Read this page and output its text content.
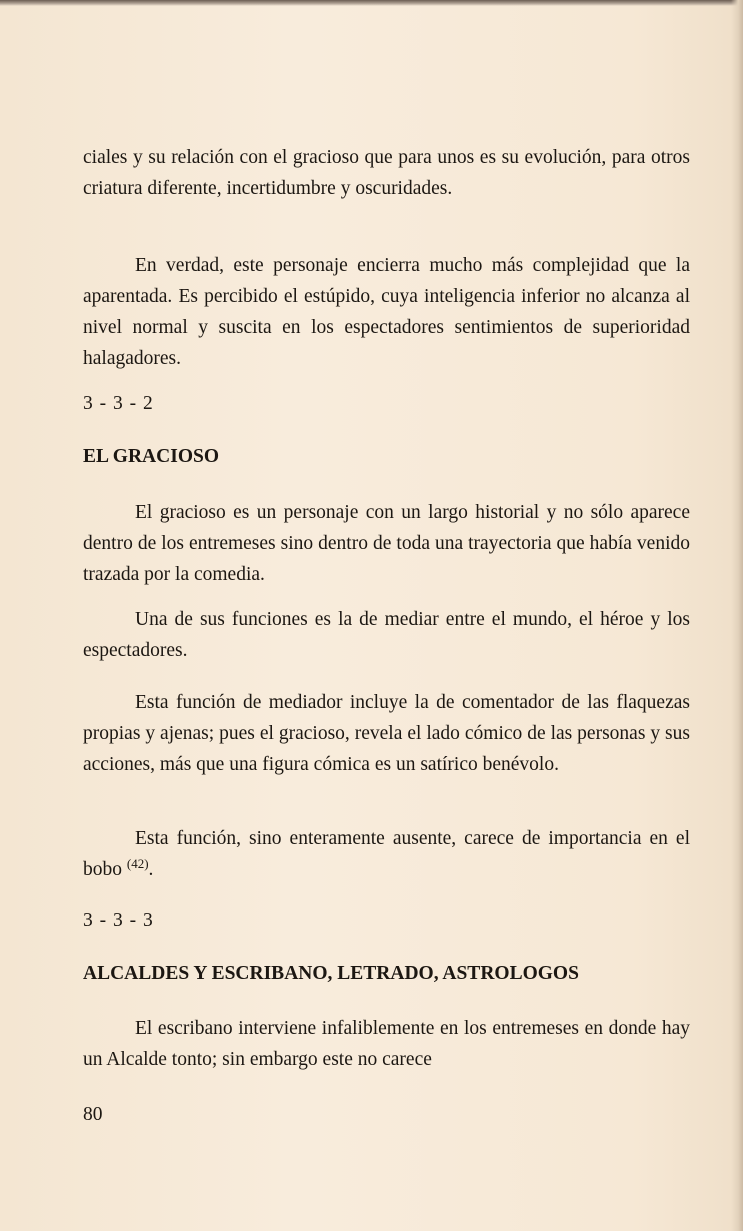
ciales y su relación con el gracioso que para unos es su evolución, para otros criatura diferente, incertidumbre y oscuridades.

En verdad, este personaje encierra mucho más complejidad que la aparentada. Es percibido el estúpido, cuya inteligencia inferior no alcanza al nivel normal y suscita en los espectadores sentimientos de superioridad halagadores.

3 - 3 - 2

EL GRACIOSO

El gracioso es un personaje con un largo historial y no sólo aparece dentro de los entremeses sino dentro de toda una trayectoria que había venido trazada por la comedia.

Una de sus funciones es la de mediar entre el mundo, el héroe y los espectadores.

Esta función de mediador incluye la de comentador de las flaquezas propias y ajenas; pues el gracioso, revela el lado cómico de las personas y sus acciones, más que una figura cómica es un satírico benévolo.

Esta función, sino enteramente ausente, carece de importancia en el bobo $^{(42)}$.

3 - 3 - 3

ALCALDES Y ESCRIBANO, LETRADO, ASTROLOGOS

El escribano interviene infaliblemente en los entremeses en donde hay un Alcalde tonto; sin embargo este no carece

80
